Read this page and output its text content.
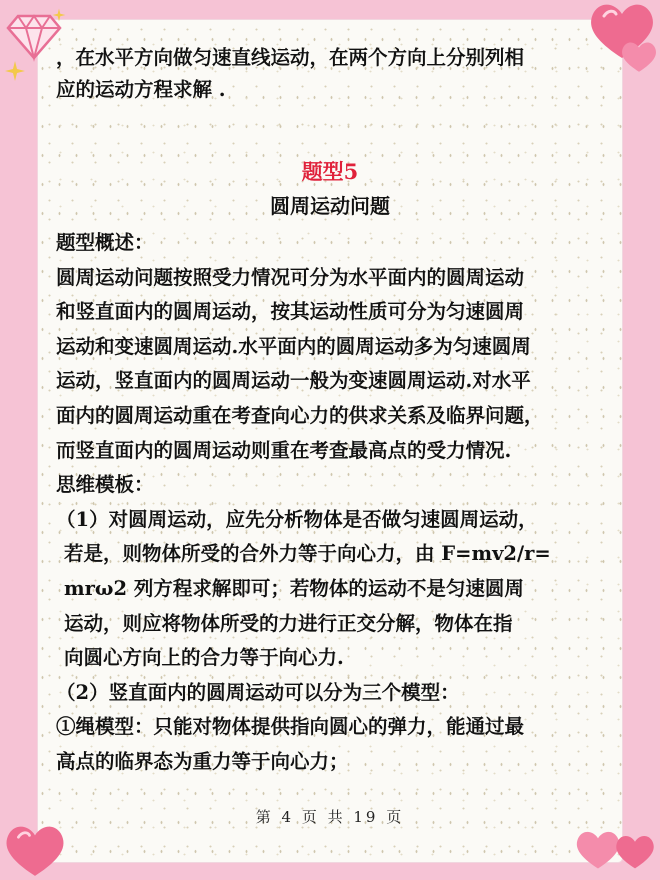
，在水平方向做匀速直线运动，在两个方向上分别列相
应的运动方程求解 .
题型5
圆周运动问题
题型概述：
圆周运动问题按照受力情况可分为水平面内的圆周运动
和竖直面内的圆周运动，按其运动性质可分为匀速圆周
运动和变速圆周运动.水平面内的圆周运动多为匀速圆周
运动，竖直面内的圆周运动一般为变速圆周运动.对水平
面内的圆周运动重在考查向心力的供求关系及临界问题，
而竖直面内的圆周运动则重在考查最高点的受力情况.
思维模板：
（1）对圆周运动，应先分析物体是否做匀速圆周运动，
若是，则物体所受的合外力等于向心力，由 F=mv2/r=
mrω2 列方程求解即可；若物体的运动不是匀速圆周
运动，则应将物体所受的力进行正交分解，物体在指
向圆心方向上的合力等于向心力.
（2）竖直面内的圆周运动可以分为三个模型：
①绳模型：只能对物体提供指向圆心的弹力，能通过最
高点的临界态为重力等于向心力；
第 4 页 共 19 页
